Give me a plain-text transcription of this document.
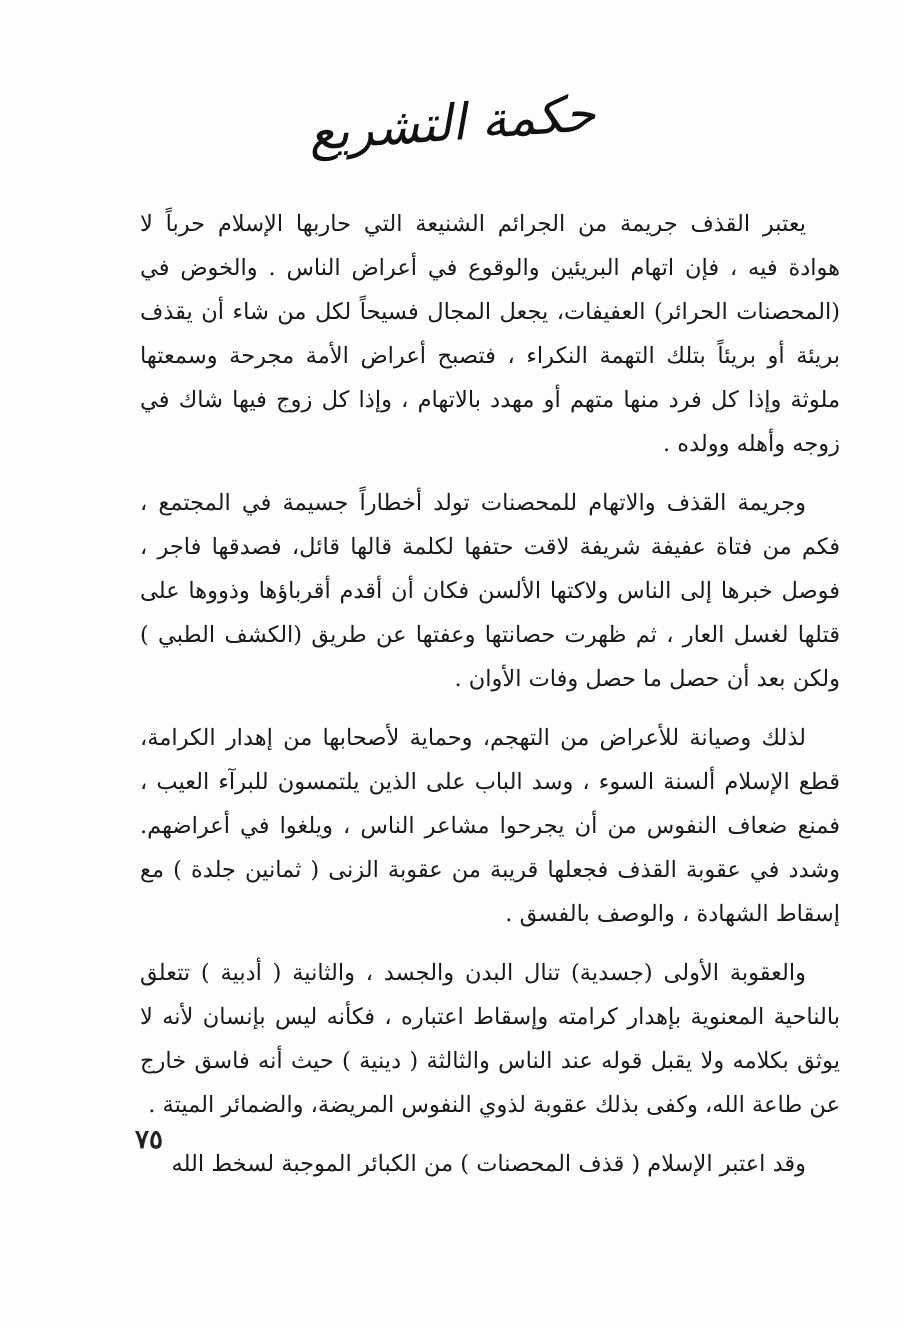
حكمة التشريع

يعتبر القذف جريمة من الجرائم الشنيعة التي حاربها الإسلام حرباً لا هوادة فيه ، فإن اتهام البريئين والوقوع في أعراض الناس . والخوض في (المحصنات الحرائر) العفيفات، يجعل المجال فسيحاً لكل من شاء أن يقذف بريئة أو بريئاً بتلك التهمة النكراء ، فتصبح أعراض الأمة مجرحة وسمعتها ملوثة وإذا كل فرد منها متهم أو مهدد بالاتهام ، وإذا كل زوج فيها شاك في زوجه وأهله وولده .

وجريمة القذف والاتهام للمحصنات تولد أخطاراً جسيمة في المجتمع ، فكم من فتاة عفيفة شريفة لاقت حتفها لكلمة قالها قائل، فصدقها فاجر ، فوصل خبرها إلى الناس ولاكتها الألسن فكان أن أقدم أقرباؤها وذووها على قتلها لغسل العار ، ثم ظهرت حصانتها وعفتها عن طريق (الكشف الطبي ) ولكن بعد أن حصل ما حصل وفات الأوان .

لذلك وصيانة للأعراض من التهجم، وحماية لأصحابها من إهدار الكرامة، قطع الإسلام ألسنة السوء ، وسد الباب على الذين يلتمسون للبرآء العيب ، فمنع ضعاف النفوس من أن يجرحوا مشاعر الناس ، ويلغوا في أعراضهم. وشدد في عقوبة القذف فجعلها قريبة من عقوبة الزنى ( ثمانين جلدة ) مع إسقاط الشهادة ، والوصف بالفسق .

والعقوبة الأولى (جسدية) تنال البدن والجسد ، والثانية ( أدبية ) تتعلق بالناحية المعنوية بإهدار كرامته وإسقاط اعتباره ، فكأنه ليس بإنسان لأنه لا يوثق بكلامه ولا يقبل قوله عند الناس والثالثة ( دينية ) حيث أنه فاسق خارج عن طاعة الله، وكفى بذلك عقوبة لذوي النفوس المريضة، والضمائر الميتة .

وقد اعتبر الإسلام ( قذف المحصنات ) من الكبائر الموجبة لسخط الله

٧٥
